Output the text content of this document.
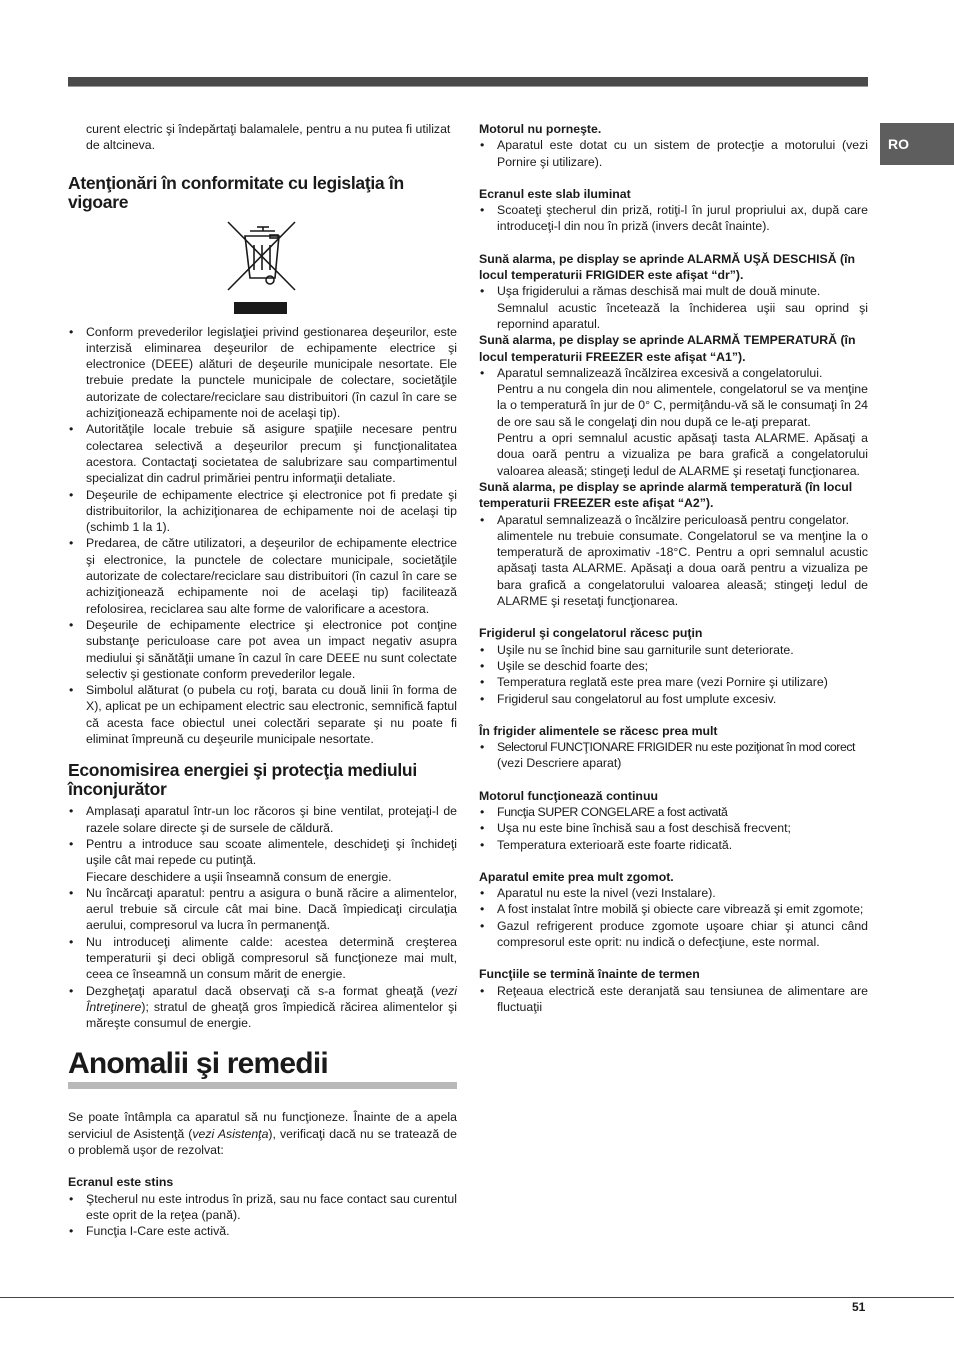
RO

curent electric şi îndepărtaţi balamalele, pentru a nu putea fi utilizat de altcineva.

Atenţionări în conformitate cu legislaţia în vigoare
• Conform prevederilor legislaţiei privind gestionarea deşeurilor, este interzisă eliminarea deşeurilor de echipamente electrice şi electronice (DEEE) alături de deşeurile municipale nesortate. Ele trebuie predate la punctele municipale de colectare, societăţile autorizate de colectare/reciclare sau distribuitori (în cazul în care se achiziţionează echipamente noi de acelaşi tip).
• Autorităţile locale trebuie să asigure spaţiile necesare pentru colectarea selectivă a deşeurilor precum şi funcţionalitatea acestora. Contactaţi societatea de salubrizare sau compartimentul specializat din cadrul primăriei pentru informaţii detaliate.
• Deşeurile de echipamente electrice şi electronice pot fi predate şi distribuitorilor, la achiziţionarea de echipamente noi de acelaşi tip (schimb 1 la 1).
• Predarea, de către utilizatori, a deşeurilor de echipamente electrice şi electronice, la punctele de colectare municipale, societăţile autorizate de colectare/reciclare sau distribuitori (în cazul în care se achiziţionează echipamente noi de acelaşi tip) facilitează refolosirea, reciclarea sau alte forme de valorificare a acestora.
• Deşeurile de echipamente electrice şi electronice pot conţine substanţe periculoase care pot avea un impact negativ asupra mediului şi sănătăţii umane în cazul în care DEEE nu sunt colectate selectiv şi gestionate conform prevederilor legale.
• Simbolul alăturat (o pubela cu roţi, barata cu două linii în forma de X), aplicat pe un echipament electric sau electronic, semnifică faptul că acesta face obiectul unei colectări separate şi nu poate fi eliminat împreună cu deşeurile municipale nesortate.
Economisirea energiei şi protecţia mediului înconjurător
• Amplasaţi aparatul într-un loc răcoros şi bine ventilat, protejaţi-l de razele solare directe şi de sursele de căldură.
• Pentru a introduce sau scoate alimentele, deschideţi şi închideţi uşile cât mai repede cu putinţă.
Fiecare deschidere a uşii înseamnă consum de energie.
• Nu încărcaţi aparatul: pentru a asigura o bună răcire a alimentelor, aerul trebuie să circule cât mai bine. Dacă împiedicaţi circulaţia aerului, compresorul va lucra în permanenţă.
• Nu introduceţi alimente calde: acestea determină creşterea temperaturii şi deci obligă compresorul să funcţioneze mai mult, ceea ce înseamnă un consum mărit de energie.
• Dezgheţaţi aparatul dacă observaţi că s-a format gheaţă (vezi Întreţinere); stratul de gheaţă gros împiedică răcirea alimentelor şi măreşte consumul de energie.
Anomalii şi remedii

Se poate întâmpla ca aparatul să nu funcţioneze. Înainte de a apela serviciul de Asistenţă (vezi Asistenţa), verificaţi dacă nu se tratează de o problemă uşor de rezolvat:

Ecranul este stins

• Ştecherul nu este introdus în priză, sau nu face contact sau curentul este oprit de la reţea (pană).
• Funcţia I-Care este activă.

Motorul nu porneşte.

• Aparatul este dotat cu un sistem de protecţie a motorului (vezi Pornire şi utilizare).

Ecranul este slab iluminat

• Scoateţi ştecherul din priză, rotiţi-l în jurul propriului ax, după care introduceţi-l din nou în priză (invers decât înainte).

Sună alarma, pe display se aprinde ALARMĂ UŞĂ DESCHISĂ (în locul temperaturii FRIGIDER este afişat “dr”).

• Uşa frigiderului a rămas deschisă mai mult de două minute.
Semnalul acustic încetează la închiderea uşii sau oprind şi repornind aparatul.

Sună alarma, pe display se aprinde ALARMĂ TEMPERATURĂ (în locul temperaturii FREEZER este afişat “A1”).

• Aparatul semnalizează încălzirea excesivă a congelatorului.
Pentru a nu congela din nou alimentele, congelatorul se va menţine la o temperatură în jur de 0° C, permiţându-vă să le consumaţi în 24 de ore sau să le congelaţi din nou după ce le-aţi preparat.
Pentru a opri semnalul acustic apăsaţi tasta ALARME. Apăsaţi a doua oară pentru a vizualiza pe bara grafică a congelatorului valoarea aleasă; stingeţi ledul de ALARME şi resetaţi funcţionarea.

Sună alarma, pe display se aprinde alarmă temperatură (în locul temperaturii FREEZER este afişat “A2”).

• Aparatul semnalizează o încălzire periculoasă pentru congelator.
alimentele nu trebuie consumate. Congelatorul se va menţine la o temperatură de aproximativ -18°C. Pentru a opri semnalul acustic apăsaţi tasta ALARME. Apăsaţi a doua oară pentru a vizualiza pe bara grafică a congelatorului valoarea aleasă; stingeţi ledul de ALARME şi resetaţi funcţionarea.

Frigiderul şi congelatorul răcesc puţin

• Uşile nu se închid bine sau garniturile sunt deteriorate.
• Uşile se deschid foarte des;
• Temperatura reglată este prea mare (vezi Pornire şi utilizare)
• Frigiderul sau congelatorul au fost umplute excesiv.

În frigider alimentele se răcesc prea mult

• Selectorul FUNCŢIONARE FRIGIDER nu este poziţionat în mod corect
(vezi Descriere aparat)

Motorul funcţionează continuu

• Funcţia SUPER CONGELARE a fost activată
• Uşa nu este bine închisă sau a fost deschisă frecvent;
• Temperatura exterioară este foarte ridicată.

Aparatul emite prea mult zgomot.

• Aparatul nu este la nivel (vezi Instalare).
• A fost instalat între mobilă şi obiecte care vibrează şi emit zgomote;
• Gazul refrigerent produce zgomote uşoare chiar şi atunci când compresorul este oprit: nu indică o defecţiune, este normal.

Funcţiile se termină înainte de termen

• Reţeaua electrică este deranjată sau tensiunea de alimentare are fluctuaţii
51
